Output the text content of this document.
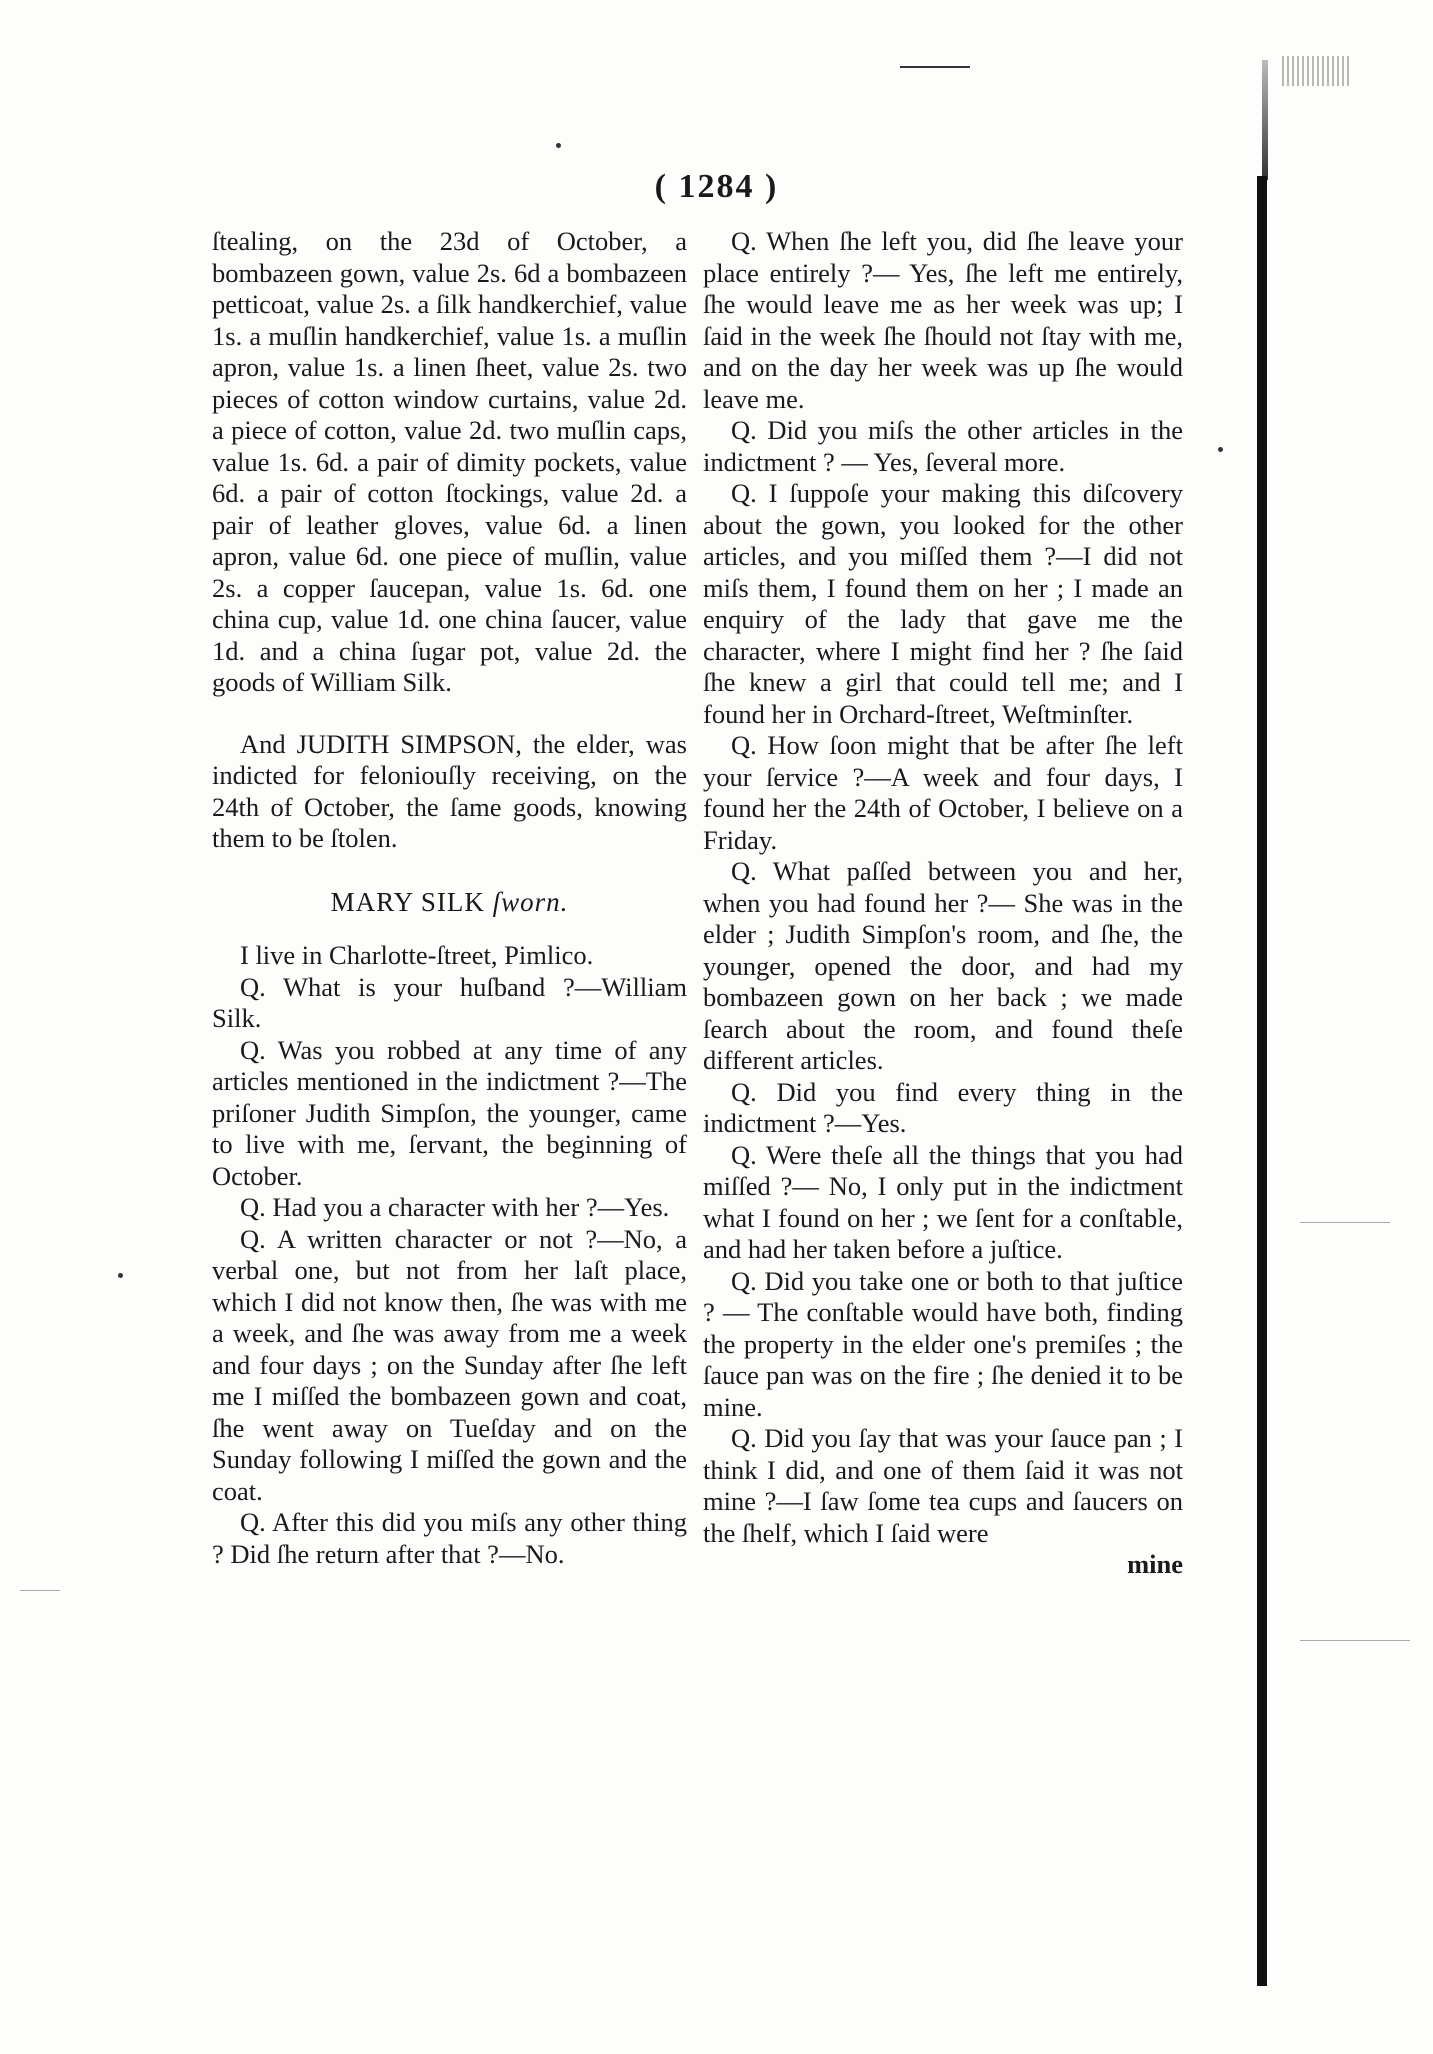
( 1284 )

ſtealing, on the 23d of October, a bombazeen gown, value 2s. 6d a bombazeen petticoat, value 2s. a ſilk handkerchief, value 1s. a muſlin handkerchief, value 1s. a muſlin apron, value 1s. a linen ſheet, value 2s. two pieces of cotton window curtains, value 2d. a piece of cotton, value 2d. two muſlin caps, value 1s. 6d. a pair of dimity pockets, value 6d. a pair of cotton ſtockings, value 2d. a pair of leather gloves, value 6d. a linen apron, value 6d. one piece of muſlin, value 2s. a copper ſaucepan, value 1s. 6d. one china cup, value 1d. one china ſaucer, value 1d. and a china ſugar pot, value 2d. the goods of William Silk.

And JUDITH SIMPSON, the elder, was indicted for feloniouſly receiving, on the 24th of October, the ſame goods, knowing them to be ſtolen.

MARY SILK ſworn.

I live in Charlotte-ſtreet, Pimlico.

Q. What is your huſband ?—William Silk.

Q. Was you robbed at any time of any articles mentioned in the indictment ?—The priſoner Judith Simpſon, the younger, came to live with me, ſervant, the beginning of October.

Q. Had you a character with her ?—Yes.

Q. A written character or not ?—No, a verbal one, but not from her laſt place, which I did not know then, ſhe was with me a week, and ſhe was away from me a week and four days ; on the Sunday after ſhe left me I miſſed the bombazeen gown and coat, ſhe went away on Tueſday and on the Sunday following I miſſed the gown and the coat.

Q. After this did you miſs any other thing ? Did ſhe return after that ?—No.

Q. When ſhe left you, did ſhe leave your place entirely ?— Yes, ſhe left me entirely, ſhe would leave me as her week was up; I ſaid in the week ſhe ſhould not ſtay with me, and on the day her week was up ſhe would leave me.

Q. Did you miſs the other articles in the indictment ? — Yes, ſeveral more.

Q. I ſuppoſe your making this diſcovery about the gown, you looked for the other articles, and you miſſed them ?—I did not miſs them, I found them on her ; I made an enquiry of the lady that gave me the character, where I might find her ? ſhe ſaid ſhe knew a girl that could tell me; and I found her in Orchard-ſtreet, Weſtminſter.

Q. How ſoon might that be after ſhe left your ſervice ?—A week and four days, I found her the 24th of October, I believe on a Friday.

Q. What paſſed between you and her, when you had found her ?— She was in the elder ; Judith Simpſon's room, and ſhe, the younger, opened the door, and had my bombazeen gown on her back ; we made ſearch about the room, and found theſe different articles.

Q. Did you find every thing in the indictment ?—Yes.

Q. Were theſe all the things that you had miſſed ?— No, I only put in the indictment what I found on her ; we ſent for a conſtable, and had her taken before a juſtice.

Q. Did you take one or both to that juſtice ? — The conſtable would have both, finding the property in the elder one's premiſes ; the ſauce pan was on the fire ; ſhe denied it to be mine.

Q. Did you ſay that was your ſauce pan ; I think I did, and one of them ſaid it was not mine ?—I ſaw ſome tea cups and ſaucers on the ſhelf, which I ſaid were

mine
